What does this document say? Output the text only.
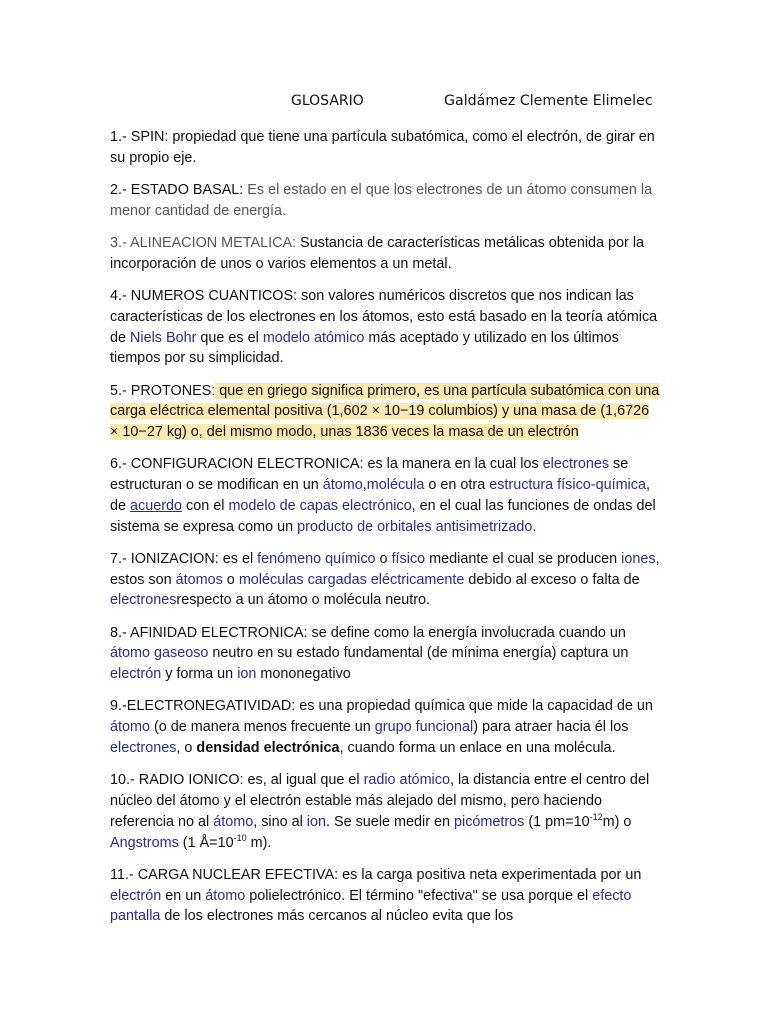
GLOSARIO	Galdámez Clemente Elimelec

1.- SPIN: propiedad que tiene una partícula subatómica, como el electrón, de girar en su propio eje.

2.- ESTADO BASAL: Es el estado en el que los electrones de un átomo consumen la menor cantidad de energía.

3.- ALINEACION METALICA: Sustancia de características metálicas obtenida por la incorporación de unos o varios elementos a un metal.

4.- NUMEROS CUANTICOS: son valores numéricos discretos que nos indican las características de los electrones en los átomos, esto está basado en la teoría atómica de Niels Bohr que es el modelo atómico más aceptado y utilizado en los últimos tiempos por su simplicidad.

5.- PROTONES: que en griego significa primero, es una partícula subatómica con una carga eléctrica elemental positiva (1,602 × 10−19 columbios) y una masa de (1,6726 × 10−27 kg) o, del mismo modo, unas 1836 veces la masa de un electrón

6.- CONFIGURACION ELECTRONICA: es la manera en la cual los electrones se estructuran o se modifican en un átomo,molécula o en otra estructura físico-química, de acuerdo con el modelo de capas electrónico, en el cual las funciones de ondas del sistema se expresa como un producto de orbitales antisimetrizado.

7.- IONIZACION: es el fenómeno químico o físico mediante el cual se producen iones, estos son átomos o moléculas cargadas eléctricamente debido al exceso o falta de electronesrespecto a un átomo o molécula neutro.

8.- AFINIDAD ELECTRONICA: se define como la energía involucrada cuando un átomo gaseoso neutro en su estado fundamental (de mínima energía) captura un electrón y forma un ion mononegativo

9.-ELECTRONEGATIVIDAD: es una propiedad química que mide la capacidad de un átomo (o de manera menos frecuente un grupo funcional) para atraer hacia él los electrones, o densidad electrónica, cuando forma un enlace en una molécula.

10.- RADIO IONICO: es, al igual que el radio atómico, la distancia entre el centro del núcleo del átomo y el electrón estable más alejado del mismo, pero haciendo referencia no al átomo, sino al ion. Se suele medir en picómetros (1 $pm=10^{-12}m$) o Angstroms (1 $Å=10^{-10}$ m).

11.- CARGA NUCLEAR EFECTIVA: es la carga positiva neta experimentada por un electrón en un átomo polielectrónico. El término "efectiva" se usa porque el efecto pantalla de los electrones más cercanos al núcleo evita que los
